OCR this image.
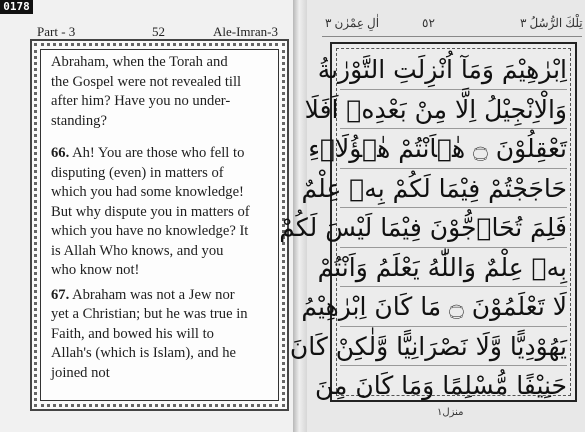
0178
Part - 3	52	Ale-Imran-3

Abraham, when the Torah and

the Gospel were not revealed till

after him? Have you no under-

standing?

66. Ah! You are those who fell to

disputing (even) in matters of

which you had some knowledge!

But why dispute you in matters of

which you have no knowledge? It

is Allah Who knows, and you

who know not!

67. Abraham was not a Jew nor

yet a Christian; but he was true in

Faith, and bowed his will to

Allah's (which is Islam), and he

joined not

اٰلِ عِمْرٰن ٣	٥٢	تِلْكَ الرُّسُلُ ٣
اِبْرٰهِيْمَ وَمَآ اُنْزِلَتِ التَّوْرٰىةُ
وَالْاِنْجِيْلُ اِلَّا مِنْ بَعْدِهٖ اَفَلَا
تَعْقِلُوْنَ ۝ هٰۤاَنْتُمْ هٰۤؤُلَاۤءِ
حَاجَجْتُمْ فِيْمَا لَكُمْ بِهٖ عِلْمٌ
فَلِمَ تُحَاۤجُّوْنَ فِيْمَا لَيْسَ لَكُمْ
بِهٖ عِلْمٌ وَاللّٰهُ يَعْلَمُ وَاَنْتُمْ
لَا تَعْلَمُوْنَ ۝ مَا كَانَ اِبْرٰهِيْمُ
يَهُوْدِيًّا وَّلَا نَصْرَانِيًّا وَّلٰكِنْ كَانَ
حَنِيْفًا مُّسْلِمًا وَمَا كَانَ مِنَ
منزل١
